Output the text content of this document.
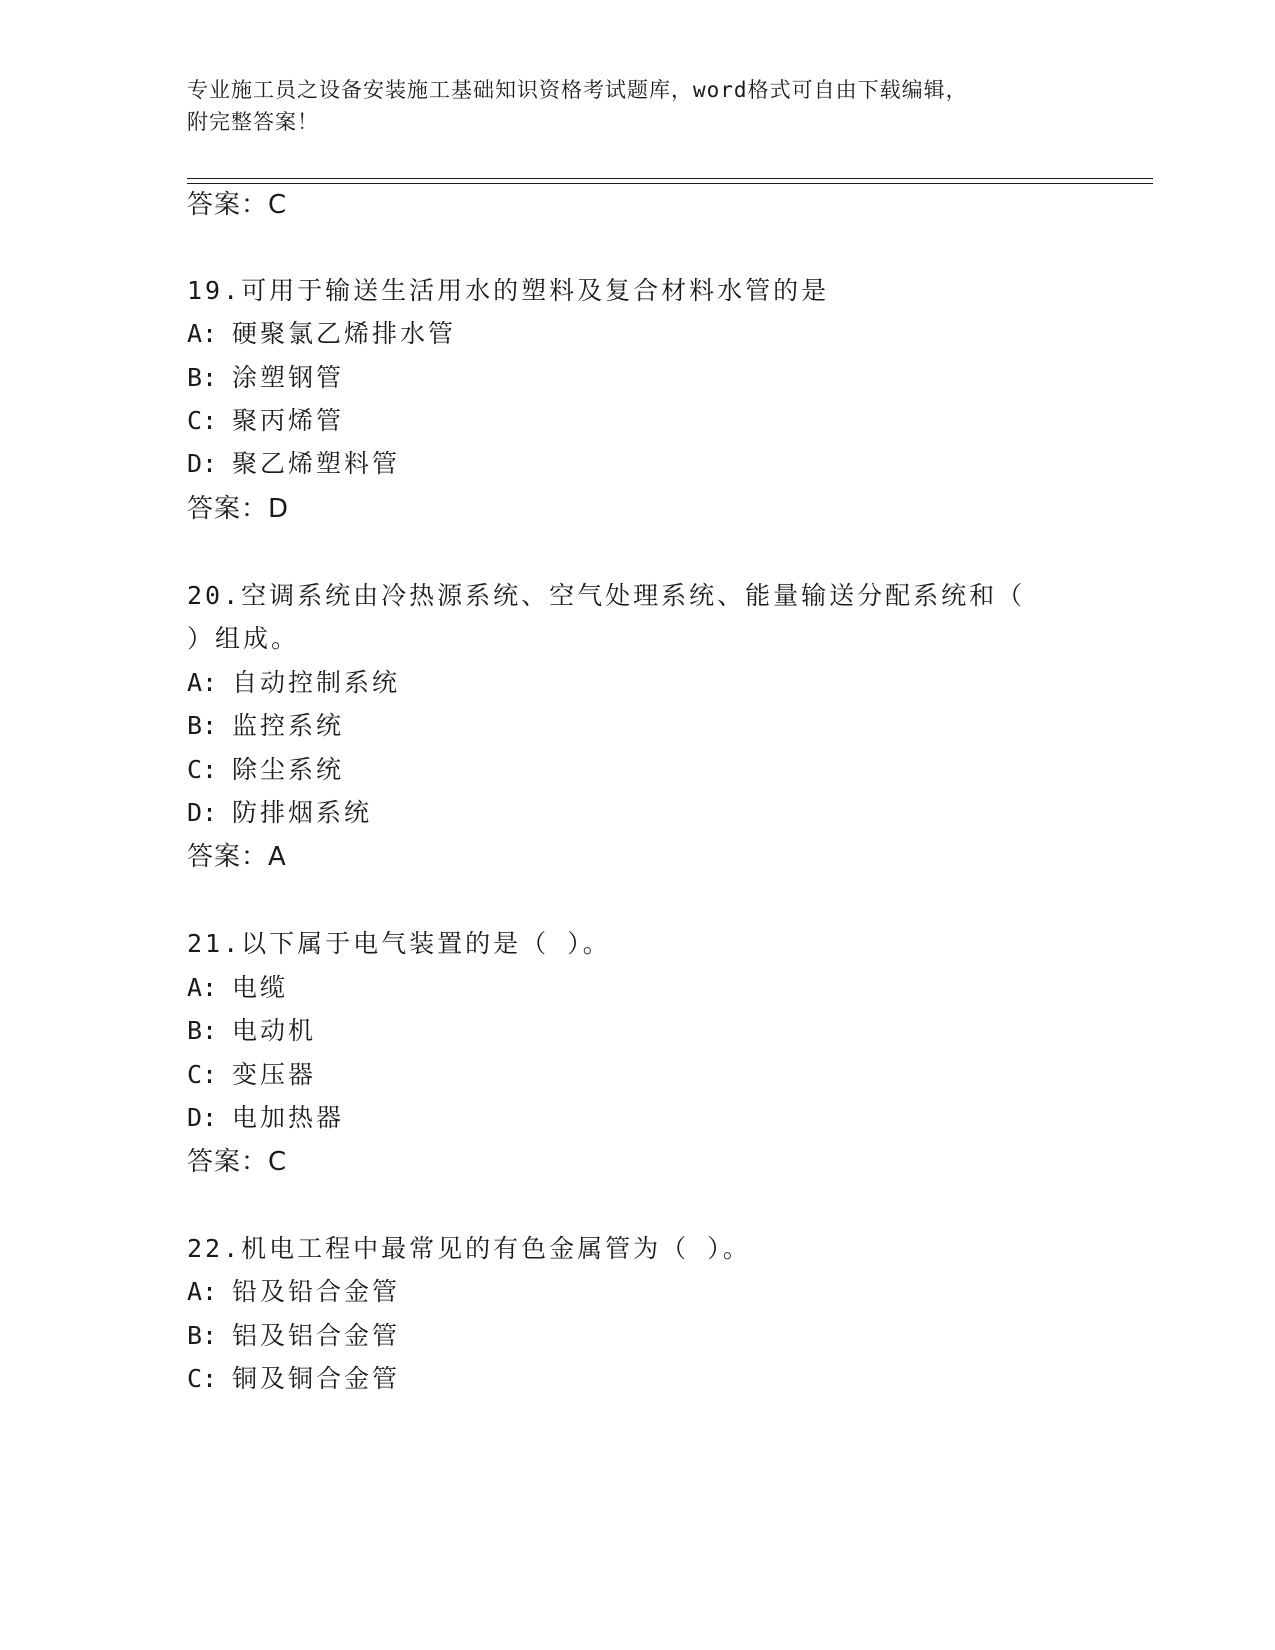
专业施工员之设备安装施工基础知识资格考试题库，word格式可自由下载编辑，
附完整答案！
答案：C
19.可用于输送生活用水的塑料及复合材料水管的是
A: 硬聚氯乙烯排水管
B: 涂塑钢管
C: 聚丙烯管
D: 聚乙烯塑料管
答案：D
20.空调系统由冷热源系统、空气处理系统、能量输送分配系统和（
）组成。
A: 自动控制系统
B: 监控系统
C: 除尘系统
D: 防排烟系统
答案：A
21.以下属于电气装置的是（ ）。
A: 电缆
B: 电动机
C: 变压器
D: 电加热器
答案：C
22.机电工程中最常见的有色金属管为（ ）。
A: 铅及铅合金管
B: 铝及铝合金管
C: 铜及铜合金管
